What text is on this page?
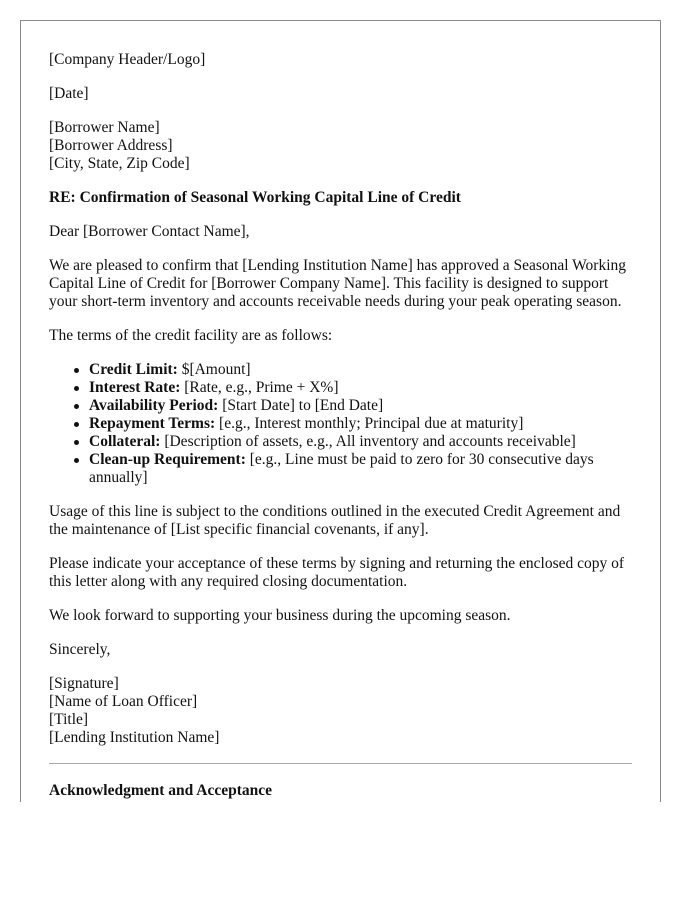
[Company Header/Logo]

[Date]

[Borrower Name]
[Borrower Address]
[City, State, Zip Code]

RE: Confirmation of Seasonal Working Capital Line of Credit

Dear [Borrower Contact Name],

We are pleased to confirm that [Lending Institution Name] has approved a Seasonal Working Capital Line of Credit for [Borrower Company Name]. This facility is designed to support your short-term inventory and accounts receivable needs during your peak operating season.

The terms of the credit facility are as follows:

Credit Limit: $[Amount]
Interest Rate: [Rate, e.g., Prime + X%]
Availability Period: [Start Date] to [End Date]
Repayment Terms: [e.g., Interest monthly; Principal due at maturity]
Collateral: [Description of assets, e.g., All inventory and accounts receivable]
Clean-up Requirement: [e.g., Line must be paid to zero for 30 consecutive days annually]

Usage of this line is subject to the conditions outlined in the executed Credit Agreement and the maintenance of [List specific financial covenants, if any].

Please indicate your acceptance of these terms by signing and returning the enclosed copy of this letter along with any required closing documentation.

We look forward to supporting your business during the upcoming season.

Sincerely,

[Signature]
[Name of Loan Officer]
[Title]
[Lending Institution Name]
Acknowledgment and Acceptance
